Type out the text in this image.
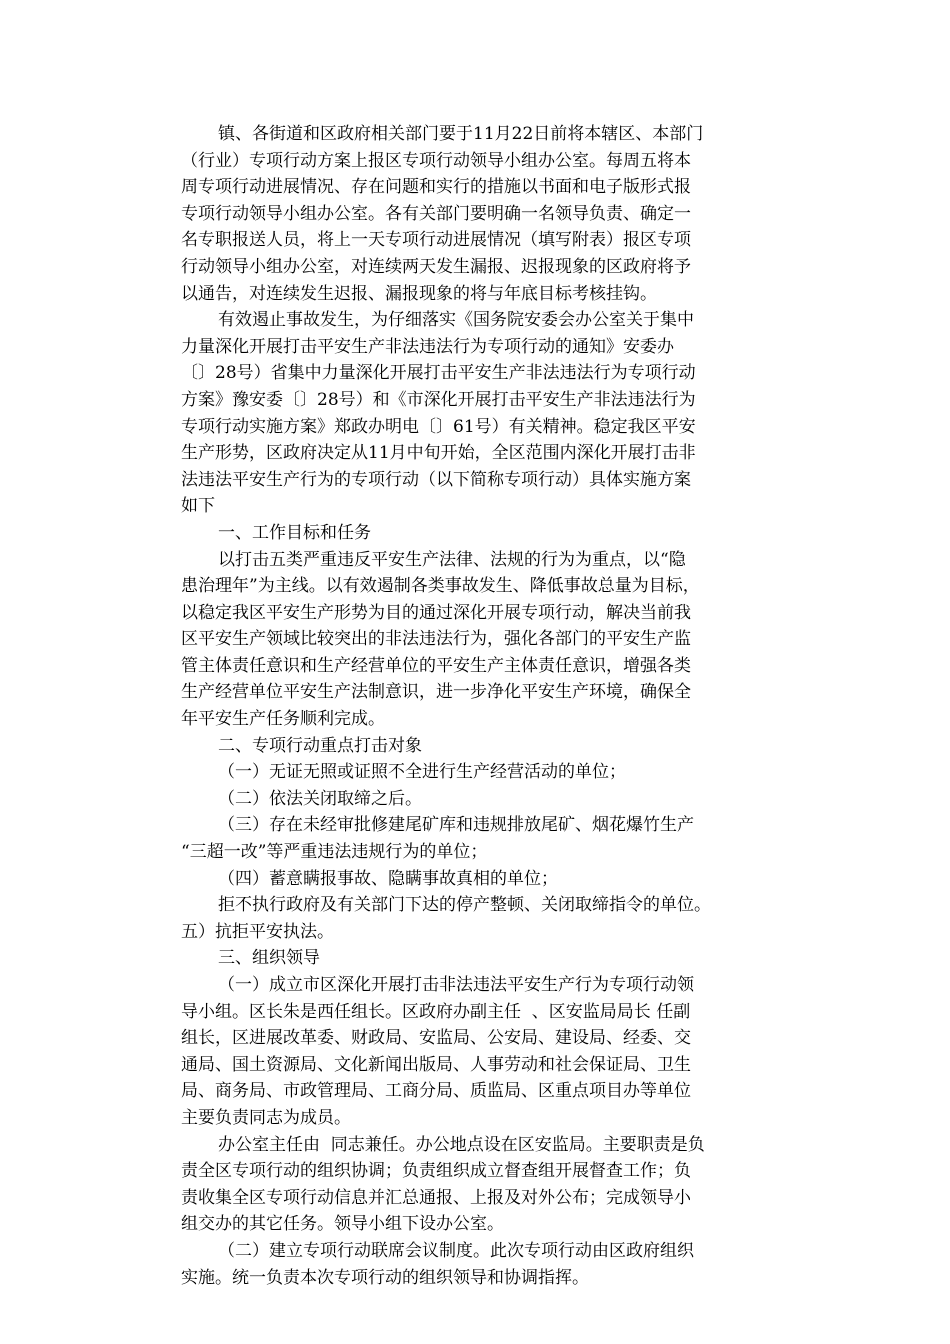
镇、各街道和区政府相关部门要于11月22日前将本辖区、本部门
（行业）专项行动方案上报区专项行动领导小组办公室。每周五将本
周专项行动进展情况、存在问题和实行的措施以书面和电子版形式报
专项行动领导小组办公室。各有关部门要明确一名领导负责、确定一
名专职报送人员，将上一天专项行动进展情况（填写附表）报区专项
行动领导小组办公室，对连续两天发生漏报、迟报现象的区政府将予
以通告，对连续发生迟报、漏报现象的将与年底目标考核挂钩。
有效遏止事故发生，为仔细落实《国务院安委会办公室关于集中
力量深化开展打击平安生产非法违法行为专项行动的通知》安委办
〔〕28号）省集中力量深化开展打击平安生产非法违法行为专项行动
方案》豫安委〔〕28号）和《市深化开展打击平安生产非法违法行为
专项行动实施方案》郑政办明电〔〕61号）有关精神。稳定我区平安
生产形势，区政府决定从11月中旬开始，全区范围内深化开展打击非
法违法平安生产行为的专项行动（以下简称专项行动）具体实施方案
如下
一、工作目标和任务
以打击五类严重违反平安生产法律、法规的行为为重点，以“隐
患治理年”为主线。以有效遏制各类事故发生、降低事故总量为目标，
以稳定我区平安生产形势为目的通过深化开展专项行动，解决当前我
区平安生产领域比较突出的非法违法行为，强化各部门的平安生产监
管主体责任意识和生产经营单位的平安生产主体责任意识，增强各类
生产经营单位平安生产法制意识，进一步净化平安生产环境，确保全
年平安生产任务顺利完成。
二、专项行动重点打击对象
（一）无证无照或证照不全进行生产经营活动的单位；
（二）依法关闭取缔之后。
（三）存在未经审批修建尾矿库和违规排放尾矿、烟花爆竹生产
“三超一改”等严重违法违规行为的单位；
（四）蓄意瞒报事故、隐瞒事故真相的单位；
拒不执行政府及有关部门下达的停产整顿、关闭取缔指令的单位。
五）抗拒平安执法。
三、组织领导
（一）成立市区深化开展打击非法违法平安生产行为专项行动领
导小组。区长朱是西任组长。区政府办副主任  、区安监局局长 任副
组长，区进展改革委、财政局、安监局、公安局、建设局、经委、交
通局、国土资源局、文化新闻出版局、人事劳动和社会保证局、卫生
局、商务局、市政管理局、工商分局、质监局、区重点项目办等单位
主要负责同志为成员。
办公室主任由  同志兼任。办公地点设在区安监局。主要职责是负
责全区专项行动的组织协调；负责组织成立督查组开展督查工作；负
责收集全区专项行动信息并汇总通报、上报及对外公布；完成领导小
组交办的其它任务。领导小组下设办公室。
（二）建立专项行动联席会议制度。此次专项行动由区政府组织
实施。统一负责本次专项行动的组织领导和协调指挥。
